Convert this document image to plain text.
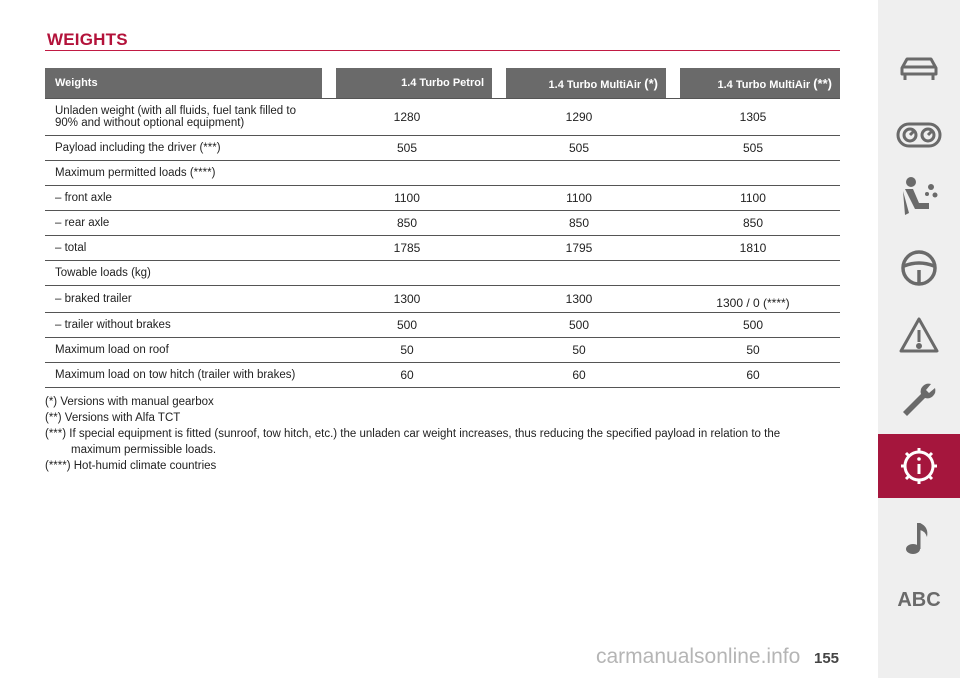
WEIGHTS
Weights	1.4 Turbo Petrol	1.4 Turbo MultiAir (*)	1.4 Turbo MultiAir (**)
Unladen weight (with all fluids, fuel tank filled to
90% and without optional equipment)	1280	1290	1305
Payload including the driver (***)	505	505	505
Maximum permitted loads (****)			
– front axle	1100	1100	1100
– rear axle	850	850	850
– total	1785	1795	1810
Towable loads (kg)			
– braked trailer	1300	1300	1300 / 0 (****)
– trailer without brakes	500	500	500
Maximum load on roof	50	50	50
Maximum load on tow hitch (trailer with brakes)	60	60	60
(*) Versions with manual gearbox
(**) Versions with Alfa TCT
(***) If special equipment is fitted (sunroof, tow hitch, etc.) the unladen car weight increases, thus reducing the specified payload in relation to the
maximum permissible loads.
(****) Hot-humid climate countries
ABC
carmanualsonline.info 155
